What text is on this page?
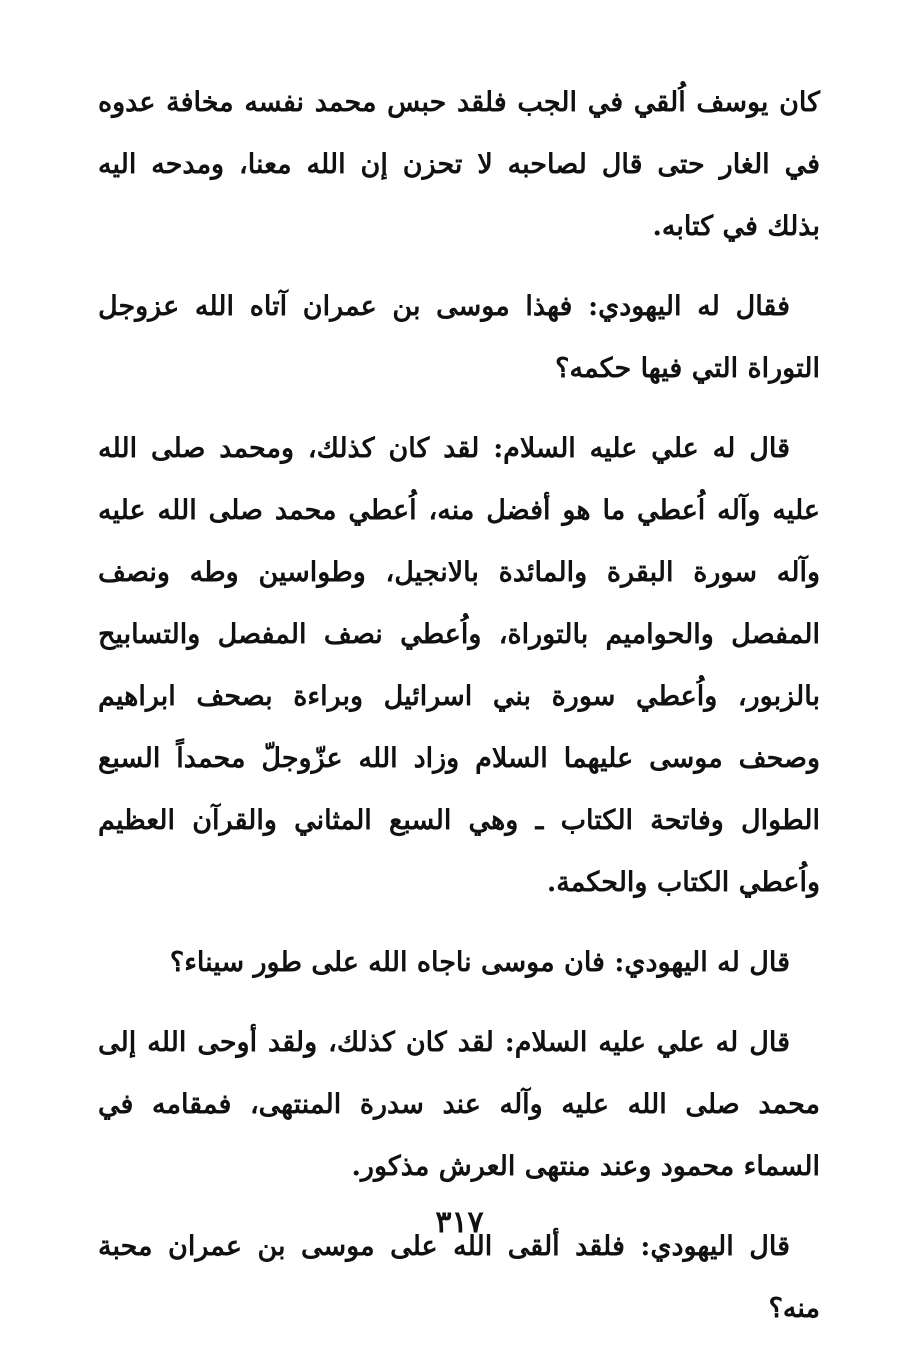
كان يوسف اُلقي في الجب فلقد حبس محمد نفسه مخافة عدوه في الغار حتى قال لصاحبه لا تحزن إن الله معنا، ومدحه اليه بذلك في كتابه.

فقال له اليهودي: فهذا موسى بن عمران آتاه الله عزوجل التوراة التي فيها حكمه؟

قال له علي عليه السلام: لقد كان كذلك، ومحمد صلى الله عليه وآله اُعطي ما هو أفضل منه، اُعطي محمد صلى الله عليه وآله سورة البقرة والمائدة بالانجيل، وطواسين وطه ونصف المفصل والحواميم بالتوراة، واُعطي نصف المفصل والتسابيح بالزبور، واُعطي سورة بني اسرائيل وبراءة بصحف ابراهيم وصحف موسى عليهما السلام وزاد الله عزّوجلّ محمداً السبع الطوال وفاتحة الكتاب ـ وهي السبع المثاني والقرآن العظيم واُعطي الكتاب والحكمة.

قال له اليهودي: فان موسى ناجاه الله على طور سيناء؟

قال له علي عليه السلام: لقد كان كذلك، ولقد أوحى الله إلى محمد صلى الله عليه وآله عند سدرة المنتهى، فمقامه في السماء محمود وعند منتهى العرش مذكور.

قال اليهودي: فلقد ألقى الله على موسى بن عمران محبة منه؟

٣١٧
